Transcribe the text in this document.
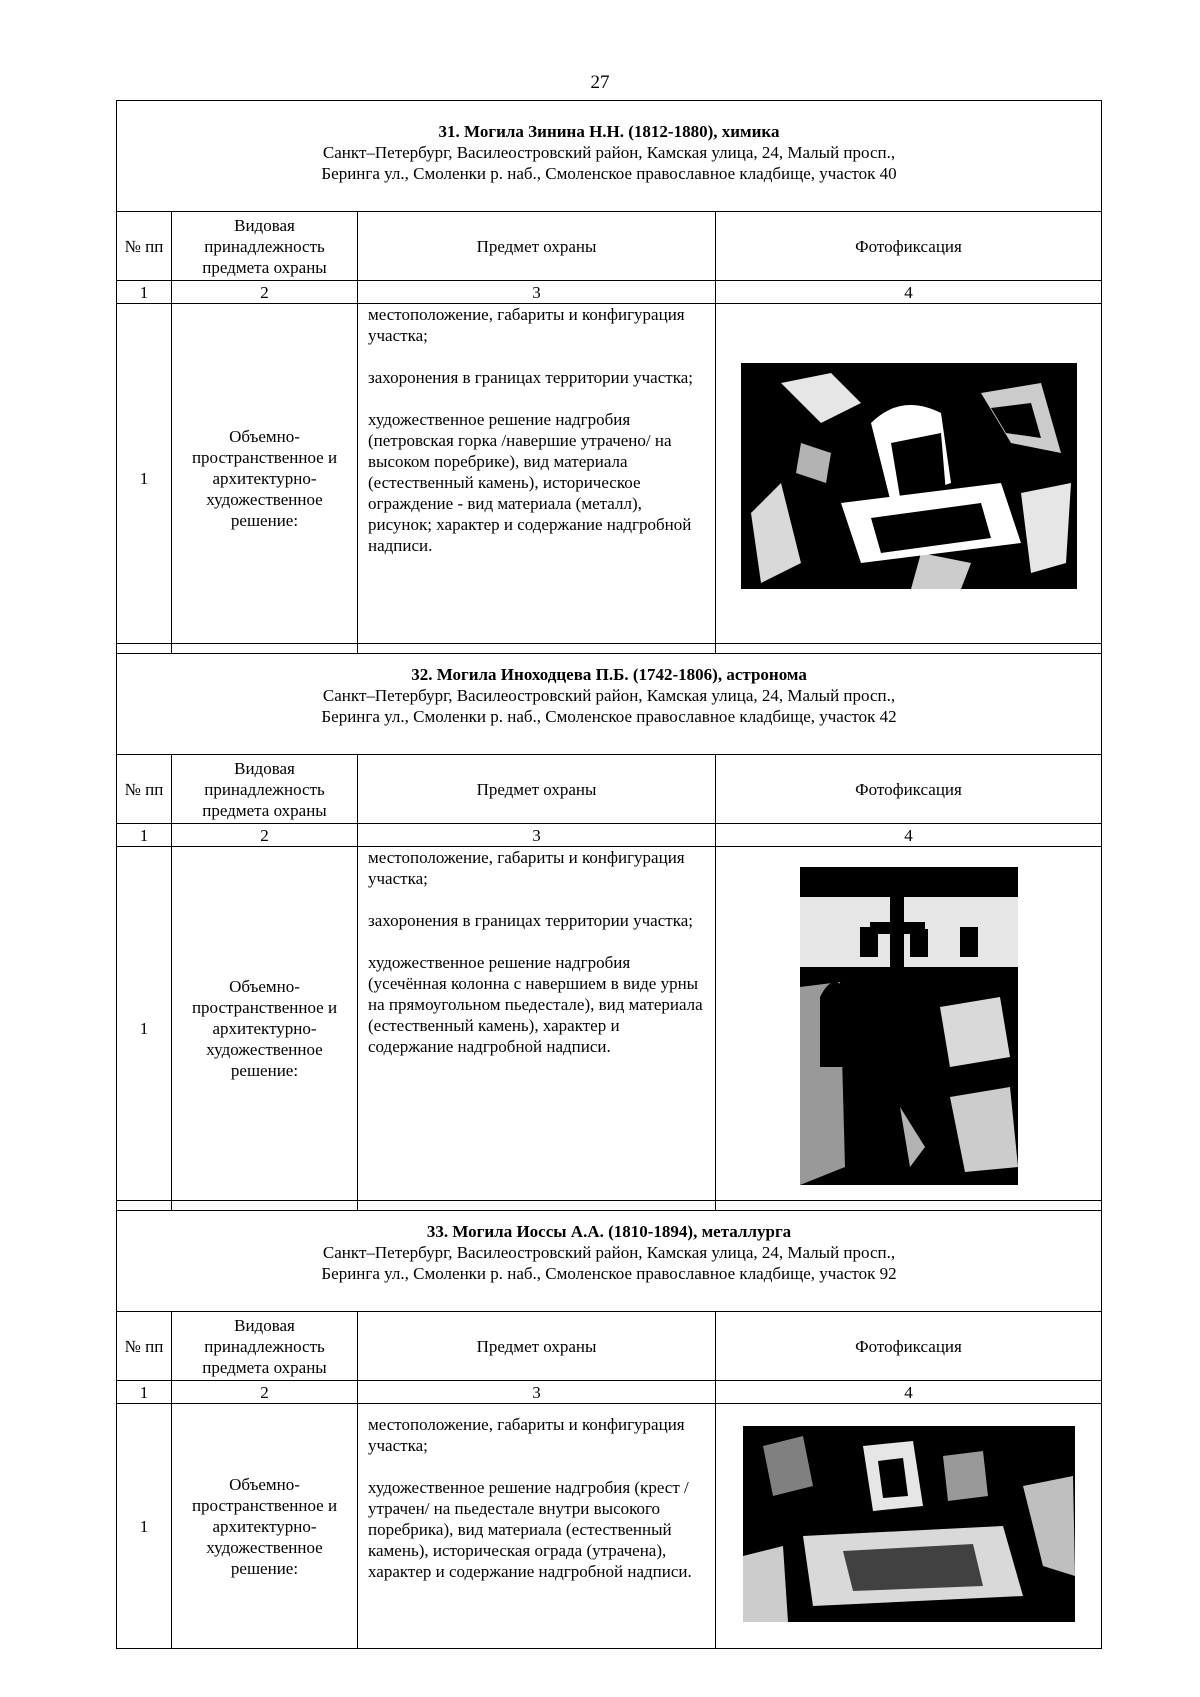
27
31. Могила Зинина Н.Н. (1812-1880), химика
Санкт–Петербург, Василеостровский район, Камская улица, 24, Малый просп.,
Беринга ул., Смоленки р. наб., Смоленское православное кладбище, участок 40			

№ пп	Видовая принадлежность предмета охраны	Предмет охраны	Фотофиксация
1	2	3	4
1	Объемно-пространственное и архитектурно-художественное решение:	местоположение, габариты и конфигурация участка;

захоронения в границах территории участка;

художественное решение надгробия (петровская горка /навершие утрачено/ на высоком поребрике), вид материала (естественный камень), историческое ограждение - вид материала (металл), рисунок; характер и содержание надгробной надписи.

32. Могила Иноходцева П.Б. (1742-1806), астронома
Санкт–Петербург, Василеостровский район, Камская улица, 24, Малый просп.,
Беринга ул., Смоленки р. наб., Смоленское православное кладбище, участок 42			

№ пп	Видовая принадлежность предмета охраны	Предмет охраны	Фотофиксация
1	2	3	4
1	Объемно-пространственное и архитектурно-художественное решение:	местоположение, габариты и конфигурация участка;

захоронения в границах территории участка;

художественное решение надгробия (усечённая колонна с навершием в виде урны на прямоугольном пьедестале), вид материала (естественный камень), характер и содержание надгробной надписи.

33. Могила Иоссы А.А. (1810-1894), металлурга
Санкт–Петербург, Василеостровский район, Камская улица, 24, Малый просп.,
Беринга ул., Смоленки р. наб., Смоленское православное кладбище, участок 92			

№ пп	Видовая принадлежность предмета охраны	Предмет охраны	Фотофиксация
1	2	3	4
1	Объемно-пространственное и архитектурно-художественное решение:	местоположение, габариты и конфигурация участка;

художественное решение надгробия (крест /утрачен/ на пьедестале внутри высокого поребрика), вид материала (естественный камень), историческая ограда (утрачена), характер и содержание надгробной надписи.
